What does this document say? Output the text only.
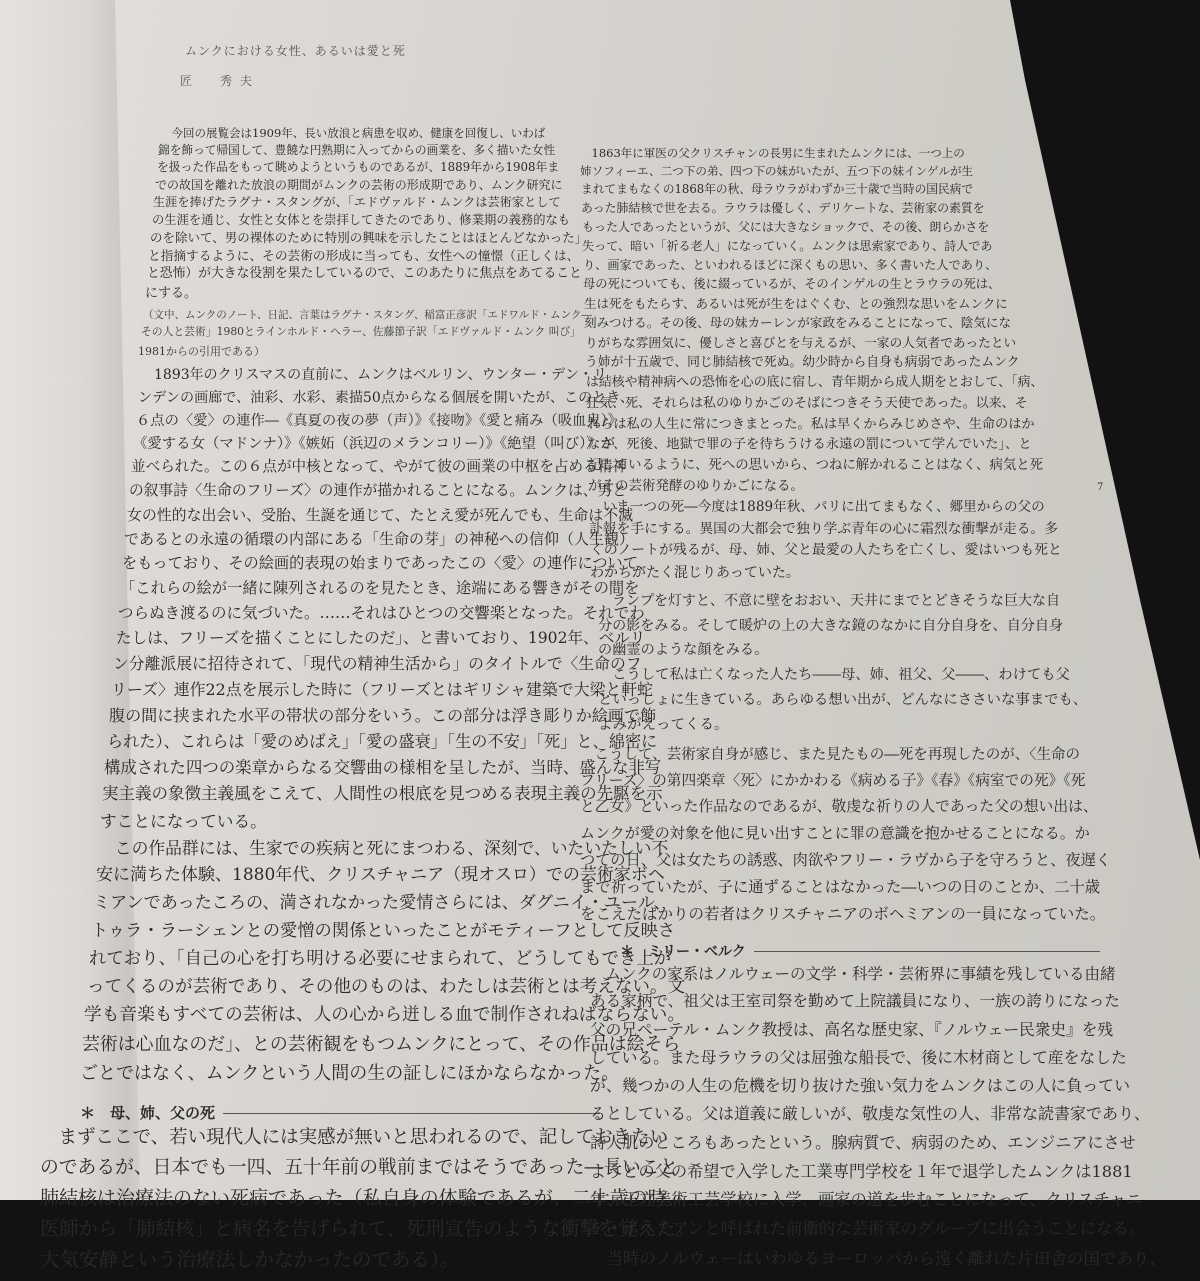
ムンクにおける女性、あるいは愛と死
匠　秀夫
7
今回の展覧会は1909年、長い放浪と病患を収め、健康を回復し、いわば
錦を飾って帰国して、豊饒な円熟期に入ってからの画業を、多く描いた女性
を扱った作品をもって眺めようというものであるが、1889年から1908年ま
での故国を離れた放浪の期間がムンクの芸術の形成期であり、ムンク研究に
生涯を捧げたラグナ・スタングが、「エドヴァルド・ムンクは芸術家として
の生涯を通じ、女性と女体とを崇拝してきたのであり、修業期の義務的なも
のを除いて、男の裸体のために特別の興味を示したことはほとんどなかった」
と指摘するように、その芸術の形成に当っても、女性への憧憬（正しくは、
と恐怖）が大きな役割を果たしているので、このあたりに焦点をあてること
にする。
（文中、ムンクのノート、日記、言葉はラグナ・スタング、稲富正彦訳「エドワルド・ムンク―
その人と芸術」1980とラインホルド・ヘラー、佐藤節子訳「エドヴァルド・ムンク 叫び」
1981からの引用である）
1893年のクリスマスの直前に、ムンクはベルリン、ウンター・デン・リ
ンデンの画廊で、油彩、水彩、素描50点からなる個展を開いたが、このとき、
６点の〈愛〉の連作―《真夏の夜の夢（声）》《接吻》《愛と痛み（吸血鬼）》
《愛する女（マドンナ）》《嫉妬（浜辺のメランコリー）》《絶望（叫び）》が
並べられた。この６点が中核となって、やがて彼の画業の中枢を占める精神
の叙事詩〈生命のフリーズ〉の連作が描かれることになる。ムンクは、男と
女の性的な出会い、受胎、生誕を通じて、たとえ愛が死んでも、生命は不滅
であるとの永遠の循環の内部にある「生命の芽」の神秘への信仰（人生観）
をもっており、その絵画的表現の始まりであったこの〈愛〉の連作について、
「これらの絵が一緒に陳列されるのを見たとき、途端にある響きがその間を
つらぬき渡るのに気づいた。……それはひとつの交響楽となった。それでわ
たしは、フリーズを描くことにしたのだ」、と書いており、1902年、ベルリ
ン分離派展に招待されて、「現代の精神生活から」のタイトルで〈生命のフ
リーズ〉連作22点を展示した時に（フリーズとはギリシャ建築で大梁と軒蛇
腹の間に挟まれた水平の帯状の部分をいう。この部分は浮き彫りか絵画で飾
られた）、これらは「愛のめばえ」「愛の盛衰」「生の不安」「死」と、綿密に
構成された四つの楽章からなる交響曲の様相を呈したが、当時、盛んな非写
実主義の象徴主義風をこえて、人間性の根底を見つめる表現主義の先駆を示
すことになっている。
この作品群には、生家での疾病と死にまつわる、深刻で、いたいたしい不
安に満ちた体験、1880年代、クリスチャニア（現オスロ）での芸術家ボヘ
ミアンであったころの、満されなかった愛情さらには、ダグニイ・ユール、
トゥラ・ラーシェンとの愛憎の関係といったことがモティーフとして反映さ
れており、「自己の心を打ち明ける必要にせまられて、どうしてもでき上が
ってくるのが芸術であり、その他のものは、わたしは芸術とは考えない。文
学も音楽もすべての芸術は、人の心から迸しる血で制作されねばならない。
芸術は心血なのだ」、との芸術観をもつムンクにとって、その作品は絵そら
ごとではなく、ムンクという人間の生の証しにほかならなかった。
＊　母、姉、父の死
まずここで、若い現代人には実感が無いと思われるので、記しておきたい
のであるが、日本でも一四、五十年前の戦前まではそうであった―長いこと
肺結核は治療法のない死病であった（私自身の体験であるが、二十歳の時、
医師から「肺結核」と病名を告げられて、死刑宣告のような衝撃を覚えた。
大気安静という治療法しかなかったのである）。
1863年に軍医の父クリスチャンの長男に生まれたムンクには、一つ上の
姉ソフィーエ、二つ下の弟、四つ下の妹がいたが、五つ下の妹インゲルが生
まれてまもなくの1868年の秋、母ラウラがわずか三十歳で当時の国民病で
あった肺結核で世を去る。ラウラは優しく、デリケートな、芸術家の素質を
もった人であったというが、父には大きなショックで、その後、朗らかさを
失って、暗い「祈る老人」になっていく。ムンクは思索家であり、詩人であ
り、画家であった、といわれるほどに深くもの思い、多く書いた人であり、
母の死についても、後に綴っているが、そのインゲルの生とラウラの死は、
生は死をもたらす、あるいは死が生をはぐくむ、との強烈な思いをムンクに
刻みつける。その後、母の妹カーレンが家政をみることになって、陰気にな
りがちな雰囲気に、優しさと喜びとを与えるが、一家の人気者であったとい
う姉が十五歳で、同じ肺結核で死ぬ。幼少時から自身も病弱であったムンク
は結核や精神病への恐怖を心の底に宿し、青年期から成人期をとおして、「病、
狂気、死、それらは私のゆりかごのそばにつきそう天使であった。以来、そ
れらは私の人生に常につきまとった。私は早くからみじめさや、生命のはか
なさ、死後、地獄で罪の子を待ちうける永遠の罰について学んでいた」、と
記しているように、死への思いから、つねに解かれることはなく、病気と死
がその芸術発酵のゆりかごになる。
いま一つの死―今度は1889年秋、パリに出てまもなく、郷里からの父の
訃報を手にする。異国の大都会で独り学ぶ青年の心に霜烈な衝撃が走る。多
くのノートが残るが、母、姉、父と最愛の人たちを亡くし、愛はいつも死と
わかちがたく混じりあっていた。
ランプを灯すと、不意に壁をおおい、天井にまでとどきそうな巨大な自
分の影をみる。そして暖炉の上の大きな鏡のなかに自分自身を、自分自身
の幽霊のような顔をみる。
こうして私は亡くなった人たち――母、姉、祖父、父――、わけても父
といっしょに生きている。あらゆる想い出が、どんなにささいな事までも、
よみがえってくる。
こうして、芸術家自身が感じ、また見たもの―死を再現したのが、〈生命の
フリーズ〉の第四楽章〈死〉にかかわる《病める子》《春》《病室での死》《死
と乙女》といった作品なのであるが、敬虔な祈りの人であった父の想い出は、
ムンクが愛の対象を他に見い出すことに罪の意識を抱かせることになる。か
つての日、父は女たちの誘惑、肉欲やフリー・ラヴから子を守ろうと、夜遅く
まで祈っていたが、子に通ずることはなかった―いつの日のことか、二十歳
をこえたばかりの若者はクリスチャニアのボヘミアンの一員になっていた。
＊　ミリー・ベルク
ムンクの家系はノルウェーの文学・科学・芸術界に事績を残している由緒
ある家柄で、祖父は王室司祭を勤めて上院議員になり、一族の誇りになった
父の兄ペーテル・ムンク教授は、高名な歴史家、『ノルウェー民衆史』を残
している。また母ラウラの父は屈強な船長で、後に木材商として産をなした
が、幾つかの人生の危機を切り抜けた強い気力をムンクはこの人に負ってい
るとしている。父は道義に厳しいが、敬虔な気性の人、非常な読書家であり、
詩人肌のところもあったという。腺病質で、病弱のため、エンジニアにさせ
ようとの父の希望で入学した工業専門学校を１年で退学したムンクは1881
年、王立美術工芸学校に入学、画家の道を歩むことになって、クリスチャニ
ア・ボヘミアンと呼ばれた前衛的な芸術家のグループに出会うことになる。
当時のノルウェーはいわゆるヨーロッパから遠く離れた片田舎の国であり、
